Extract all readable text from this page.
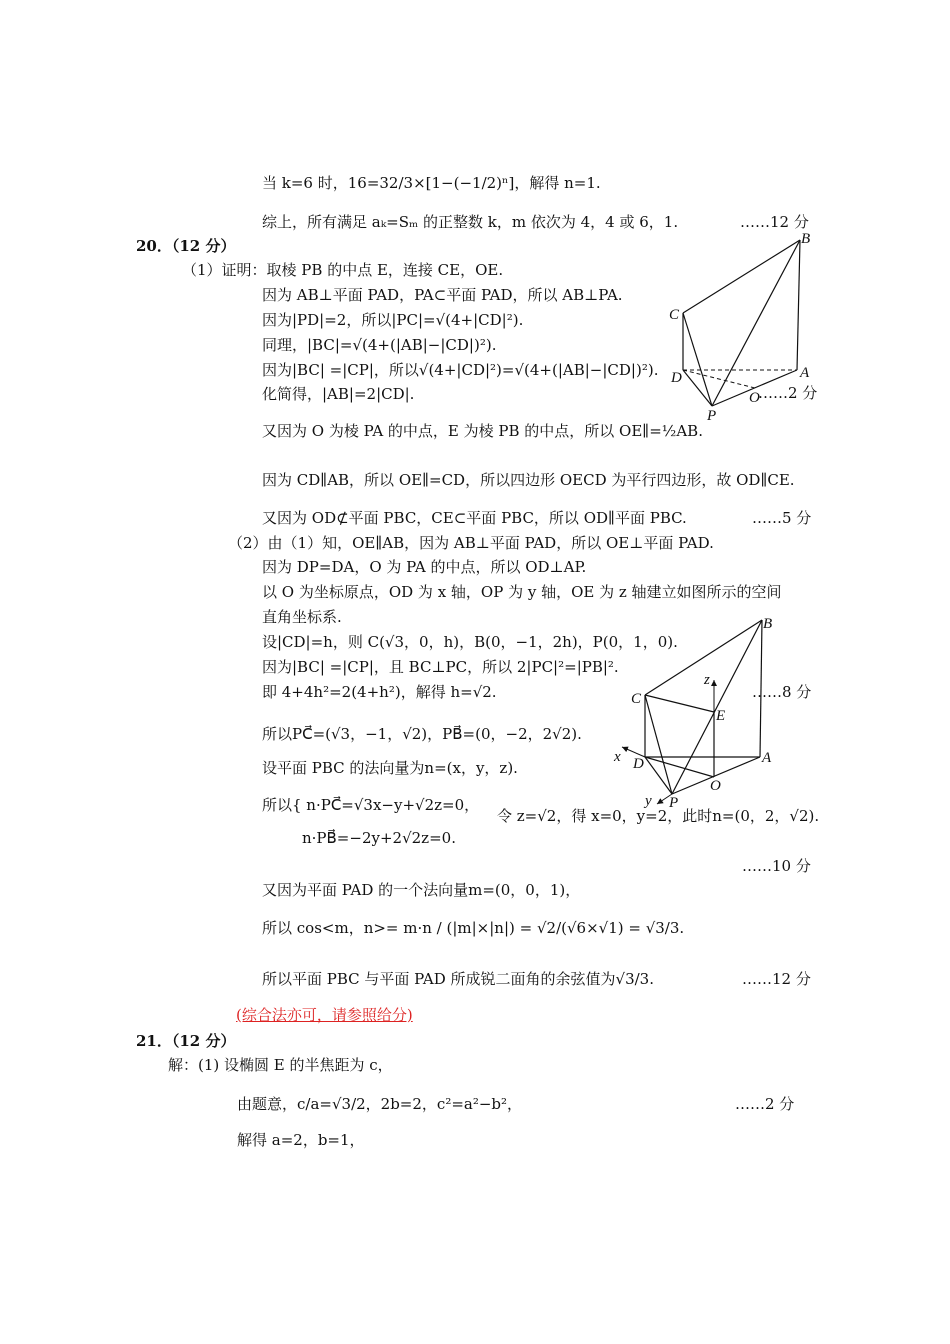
当 k=6 时，16=32/3×[1−(−1/2)ⁿ]，解得 n=1.
综上，所有满足 aₖ=Sₘ 的正整数 k，m 依次为 4，4 或 6，1.	……12 分
20．（12 分）
（1）证明：取棱 PB 的中点 E，连接 CE，OE.
因为 AB⊥平面 PAD，PA⊂平面 PAD，所以 AB⊥PA.
因为|PD|=2，所以|PC|=√(4+|CD|²).
同理，|BC|=√(4+(|AB|−|CD|)²).
因为|BC| =|CP|，所以√(4+|CD|²)=√(4+(|AB|−|CD|)²).
化简得，|AB|=2|CD|.	……2 分
又因为 O 为棱 PA 的中点，E 为棱 PB 的中点，所以 OE∥=½AB.
因为 CD∥AB，所以 OE∥=CD，所以四边形 OECD 为平行四边形，故 OD∥CE.
又因为 OD⊄平面 PBC，CE⊂平面 PBC，所以 OD∥平面 PBC.	……5 分
（2）由（1）知，OE∥AB，因为 AB⊥平面 PAD，所以 OE⊥平面 PAD.
因为 DP=DA，O 为 PA 的中点，所以 OD⊥AP.
以 O 为坐标原点，OD 为 x 轴，OP 为 y 轴，OE 为 z 轴建立如图所示的空间
直角坐标系.
设|CD|=h，则 C(√3，0，h)，B(0，−1，2h)，P(0，1，0).
因为|BC| =|CP|，且 BC⊥PC，所以 2|PC|²=|PB|².
即 4+4h²=2(4+h²)，解得 h=√2.	……8 分
所以PC⃗=(√3，−1，√2)，PB⃗=(0，−2，2√2).
设平面 PBC 的法向量为n=(x，y，z).
所以{ n·PC⃗=√3x−y+√2z=0，
n·PB⃗=−2y+2√2z=0.
令 z=√2，得 x=0，y=2，此时n=(0，2，√2).
……10 分
又因为平面 PAD 的一个法向量m=(0，0，1)，
所以 cos<m，n>= m·n / (|m|×|n|) = √2/(√6×√1) = √3/3.
所以平面 PBC 与平面 PAD 所成锐二面角的余弦值为√3/3.	……12 分
(综合法亦可，请参照给分)
21．（12 分）
解：(1) 设椭圆 E 的半焦距为 c，
由题意，c/a=√3/2，2b=2，c²=a²−b²，	……2 分
解得 a=2，b=1，
B
C
D	A
O
P
B
C
D	A
O
P
E
x
y
z
